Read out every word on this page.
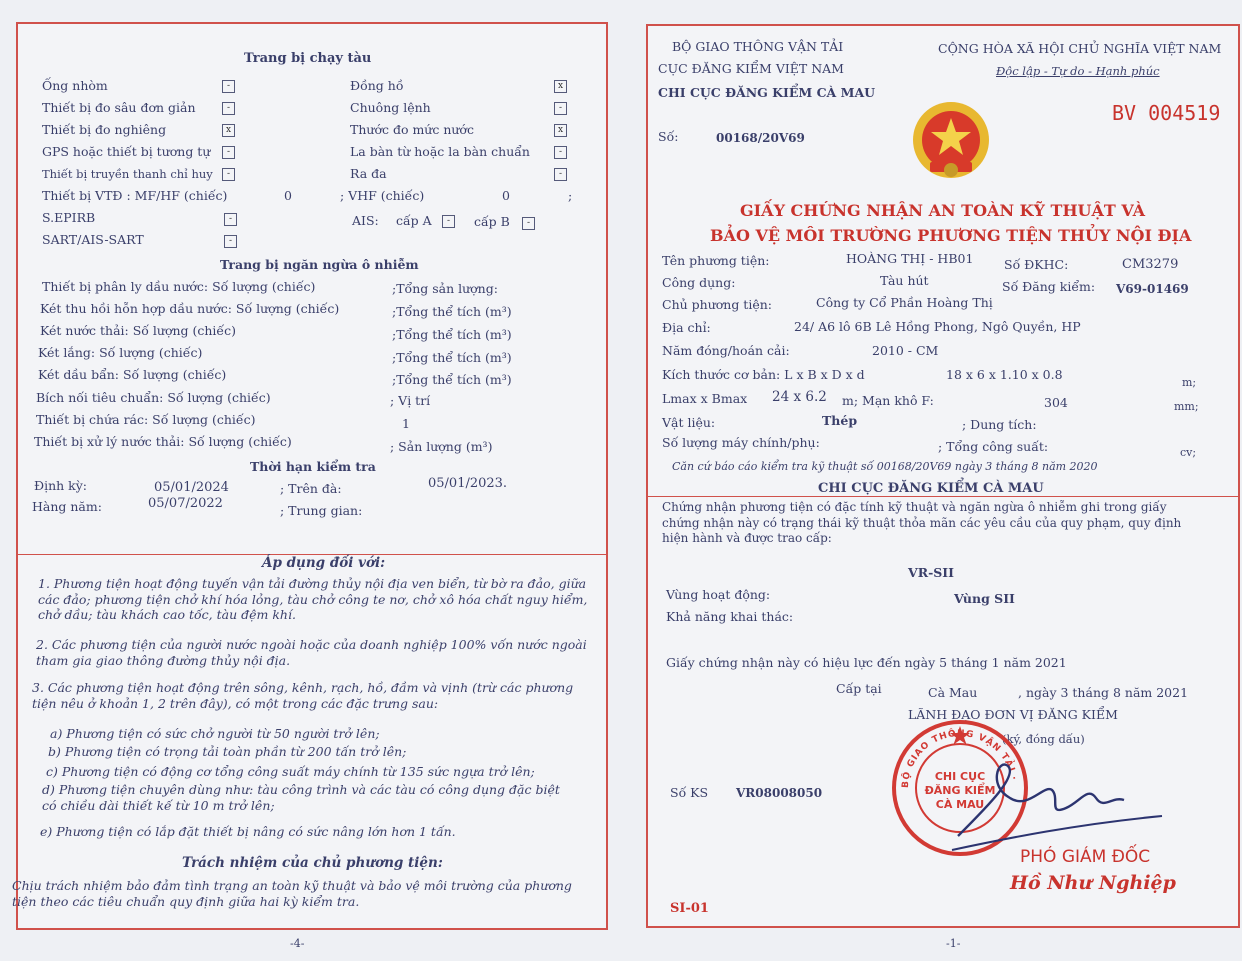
Trang bị chạy tàu
Ống nhòm	-
Thiết bị đo sâu đơn giản	-
Thiết bị đo nghiêng	x
GPS hoặc thiết bị tương tự	-
Thiết bị truyền thanh chỉ huy	-
Đồng hồ	x
Chuông lệnh	-
Thước đo mức nước	x
La bàn từ hoặc la bàn chuẩn	-
Ra đa	-
Thiết bị VTĐ : MF/HF (chiếc)	0	; VHF (chiếc)	0	;
S.EPIRB	-	AIS: cấp A	-	cấp B	-
SART/AIS-SART	-
Trang bị ngăn ngừa ô nhiễm
Thiết bị phân ly dầu nước: Số lượng (chiếc)	;Tổng sản lượng:
Két thu hồi hỗn hợp dầu nước: Số lượng (chiếc)	;Tổng thể tích (m³)
Két nước thải: Số lượng (chiếc)	;Tổng thể tích (m³)
Két lắng: Số lượng (chiếc)	;Tổng thể tích (m³)
Két dầu bẩn: Số lượng (chiếc)	;Tổng thể tích (m³)
Bích nối tiêu chuẩn: Số lượng (chiếc)	; Vị trí
Thiết bị chứa rác: Số lượng (chiếc)	1
Thiết bị xử lý nước thải: Số lượng (chiếc)	; Sản lượng (m³)
Thời hạn kiểm tra
Định kỳ:	05/01/2024	; Trên đà:	05/01/2023.
Hàng năm:	05/07/2022	; Trung gian:
Áp dụng đối với:
1. Phương tiện hoạt động tuyến vận tải đường thủy nội địa ven biển, từ bờ ra đảo, giữa các đảo; phương tiện chở khí hóa lỏng, tàu chở công te nơ, chở xô hóa chất nguy hiểm, chở dầu; tàu khách cao tốc, tàu đệm khí.
2. Các phương tiện của người nước ngoài hoặc của doanh nghiệp 100% vốn nước ngoài tham gia giao thông đường thủy nội địa.
3. Các phương tiện hoạt động trên sông, kênh, rạch, hồ, đầm và vịnh (trừ các phương tiện nêu ở khoản 1, 2 trên đây), có một trong các đặc trưng sau:
a) Phương tiện có sức chở người từ 50 người trở lên;
b) Phương tiện có trọng tải toàn phần từ 200 tấn trở lên;
c) Phương tiện có động cơ tổng công suất máy chính từ 135 sức ngựa trở lên;
d) Phương tiện chuyên dùng như: tàu công trình và các tàu có công dụng đặc biệt có chiều dài thiết kế từ 10 m trở lên;
e) Phương tiện có lắp đặt thiết bị nâng có sức nâng lớn hơn 1 tấn.
Trách nhiệm của chủ phương tiện:
Chịu trách nhiệm bảo đảm tình trạng an toàn kỹ thuật và bảo vệ môi trường của phương tiện theo các tiêu chuẩn quy định giữa hai kỳ kiểm tra.
-4-
BỘ GIAO THÔNG VẬN TẢI
CỤC ĐĂNG KIỂM VIỆT NAM
CHI CỤC ĐĂNG KIỂM CÀ MAU
CỘNG HÒA XÃ HỘI CHỦ NGHĨA VIỆT NAM
Độc lập - Tự do - Hạnh phúc
BV 004519
Số:	00168/20V69
GIẤY CHỨNG NHẬN AN TOÀN KỸ THUẬT VÀ
BẢO VỆ MÔI TRƯỜNG PHƯƠNG TIỆN THỦY NỘI ĐỊA
Tên phương tiện:	HOÀNG THỊ - HB01 Số ĐKHC:	CM3279
Công dụng:	Tàu hút	Số Đăng kiểm: V69-01469
Chủ phương tiện:	Công ty Cổ Phần Hoàng Thị
Địa chỉ:	24/ A6 lô 6B Lê Hồng Phong, Ngô Quyền, HP
Năm đóng/hoán cải:	2010 - CM
Kích thước cơ bản: L x B x D x d	18 x 6 x 1.10 x 0.8
m;
Lmax x Bmax 24 x 6.2 m; Mạn khô F:	304	mm;
Vật liệu:	Thép	; Dung tích:
Số lượng máy chính/phụ:	; Tổng công suất:	cv;
Căn cứ báo cáo kiểm tra kỹ thuật số 00168/20V69 ngày 3 tháng 8 năm 2020
CHI CỤC ĐĂNG KIỂM CÀ MAU
Chứng nhận phương tiện có đặc tính kỹ thuật và ngăn ngừa ô nhiễm ghi trong giấy chứng nhận này có trạng thái kỹ thuật thỏa mãn các yêu cầu của quy phạm, quy định hiện hành và được trao cấp:
VR-SII
Vùng hoạt động:	Vùng SII
Khả năng khai thác:
Giấy chứng nhận này có hiệu lực đến ngày 5 tháng 1 năm 2021
Cấp tại	Cà Mau	, ngày 3 tháng 8 năm 2021
LÃNH ĐẠO ĐƠN VỊ ĐĂNG KIỂM
(ký, đóng dấu)
Số KS VR08008050
BỘ GIAO THÔNG VẬN TẢI ·
CHI CỤC ĐĂNG KIỂM CÀ MAU
PHÓ GIÁM ĐỐC
Hồ Như Nghiệp
SI-01
-1-
